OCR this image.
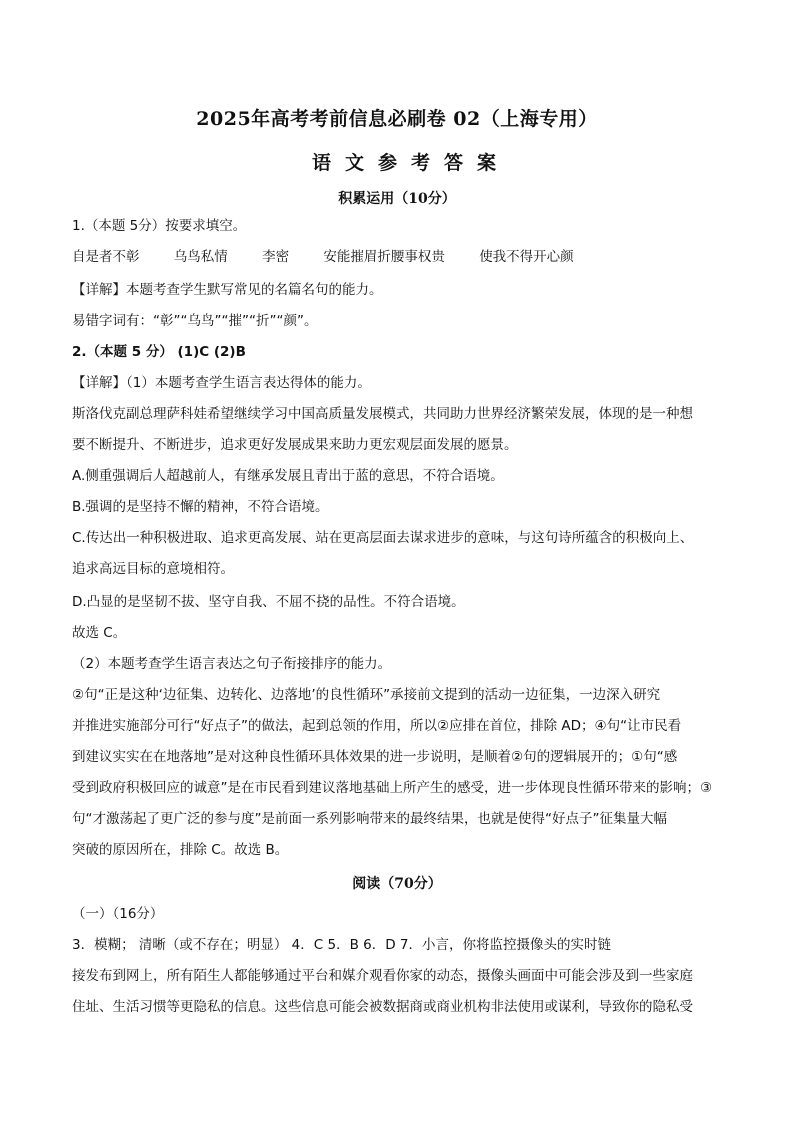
2025年高考考前信息必刷卷 02（上海专用）
语文参考答案
积累运用（10分）
1.（本题 5分）按要求填空。
自是者不彰	乌鸟私情	李密	安能摧眉折腰事权贵	使我不得开心颜
【详解】本题考查学生默写常见的名篇名句的能力。
易错字词有：“彰”“乌鸟”“摧”“折”“颜”。
2.（本题 5 分） (1)C (2)B
【详解】（1）本题考查学生语言表达得体的能力。
斯洛伐克副总理萨科娃希望继续学习中国高质量发展模式，共同助力世界经济繁荣发展，体现的是一种想
要不断提升、不断进步，追求更好发展成果来助力更宏观层面发展的愿景。
A.侧重强调后人超越前人，有继承发展且青出于蓝的意思，不符合语境。
B.强调的是坚持不懈的精神，不符合语境。
C.传达出一种积极进取、追求更高发展、站在更高层面去谋求进步的意味，与这句诗所蕴含的积极向上、
追求高远目标的意境相符。
D.凸显的是坚韧不拔、坚守自我、不屈不挠的品性。不符合语境。
故选 C。
（2）本题考查学生语言表达之句子衔接排序的能力。
②句“正是这种‘边征集、边转化、边落地’的良性循环”承接前文提到的活动一边征集，一边深入研究
并推进实施部分可行“好点子”的做法，起到总领的作用，所以②应排在首位，排除 AD；④句“让市民看
到建议实实在在地落地”是对这种良性循环具体效果的进一步说明，是顺着②句的逻辑展开的；①句“感
受到政府积极回应的诚意”是在市民看到建议落地基础上所产生的感受，进一步体现良性循环带来的影响；③
句“才激荡起了更广泛的参与度”是前面一系列影响带来的最终结果，也就是使得“好点子”征集量大幅
突破的原因所在，排除 C。故选 B。
阅读（70分）
（一）（16分）
3．模糊； 清晰（或不存在；明显） 4．C 5．B 6．D 7．小言，你将监控摄像头的实时链
接发布到网上，所有陌生人都能够通过平台和媒介观看你家的动态，摄像头画面中可能会涉及到一些家庭
住址、生活习惯等更隐私的信息。这些信息可能会被数据商或商业机构非法使用或谋利，导致你的隐私受
